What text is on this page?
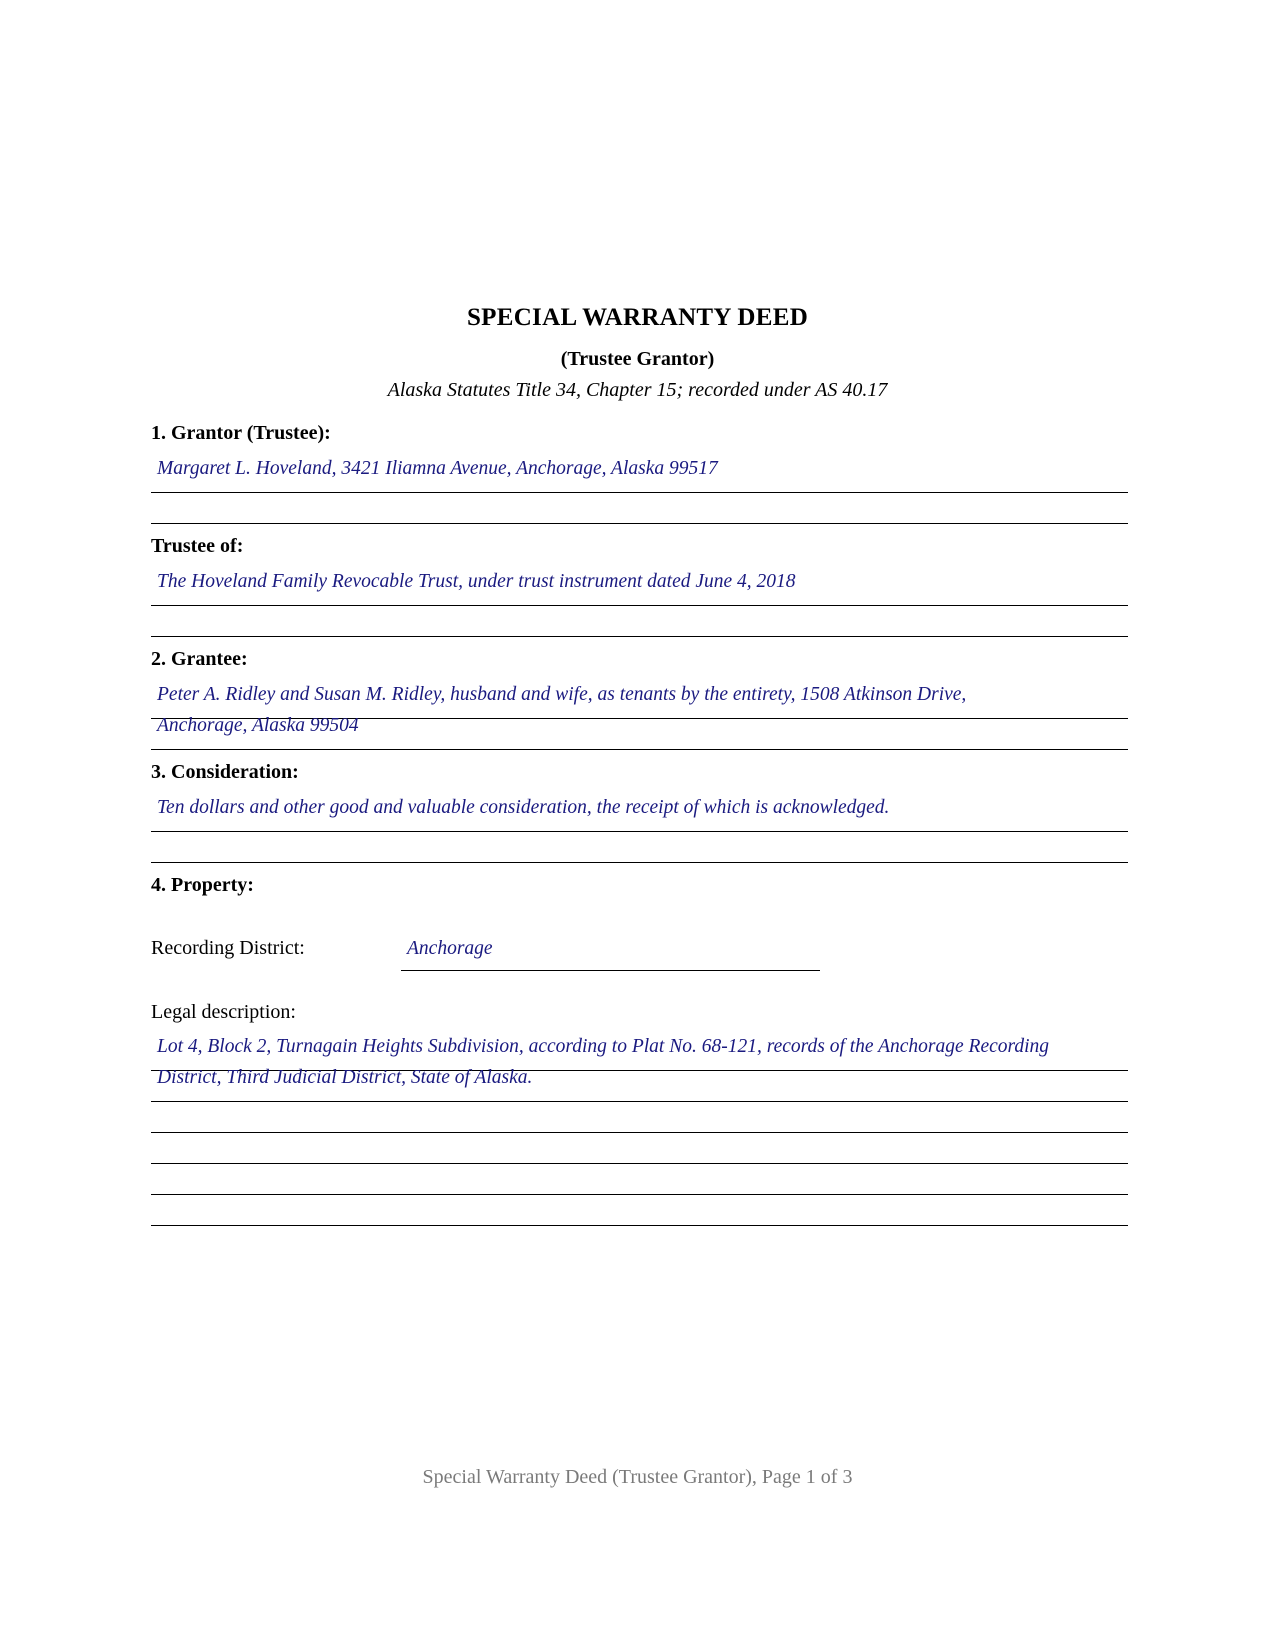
SPECIAL WARRANTY DEED
(Trustee Grantor)
Alaska Statutes Title 34, Chapter 15; recorded under AS 40.17
1. Grantor (Trustee):
Margaret L. Hoveland, 3421 Iliamna Avenue, Anchorage, Alaska 99517
Trustee of:
The Hoveland Family Revocable Trust, under trust instrument dated June 4, 2018
2. Grantee:
Peter A. Ridley and Susan M. Ridley, husband and wife, as tenants by the entirety, 1508 Atkinson Drive,
Anchorage, Alaska 99504
3. Consideration:
Ten dollars and other good and valuable consideration, the receipt of which is acknowledged.
4. Property:
Recording District:	Anchorage
Legal description:
Lot 4, Block 2, Turnagain Heights Subdivision, according to Plat No. 68-121, records of the Anchorage Recording
District, Third Judicial District, State of Alaska.
Special Warranty Deed (Trustee Grantor), Page 1 of 3
